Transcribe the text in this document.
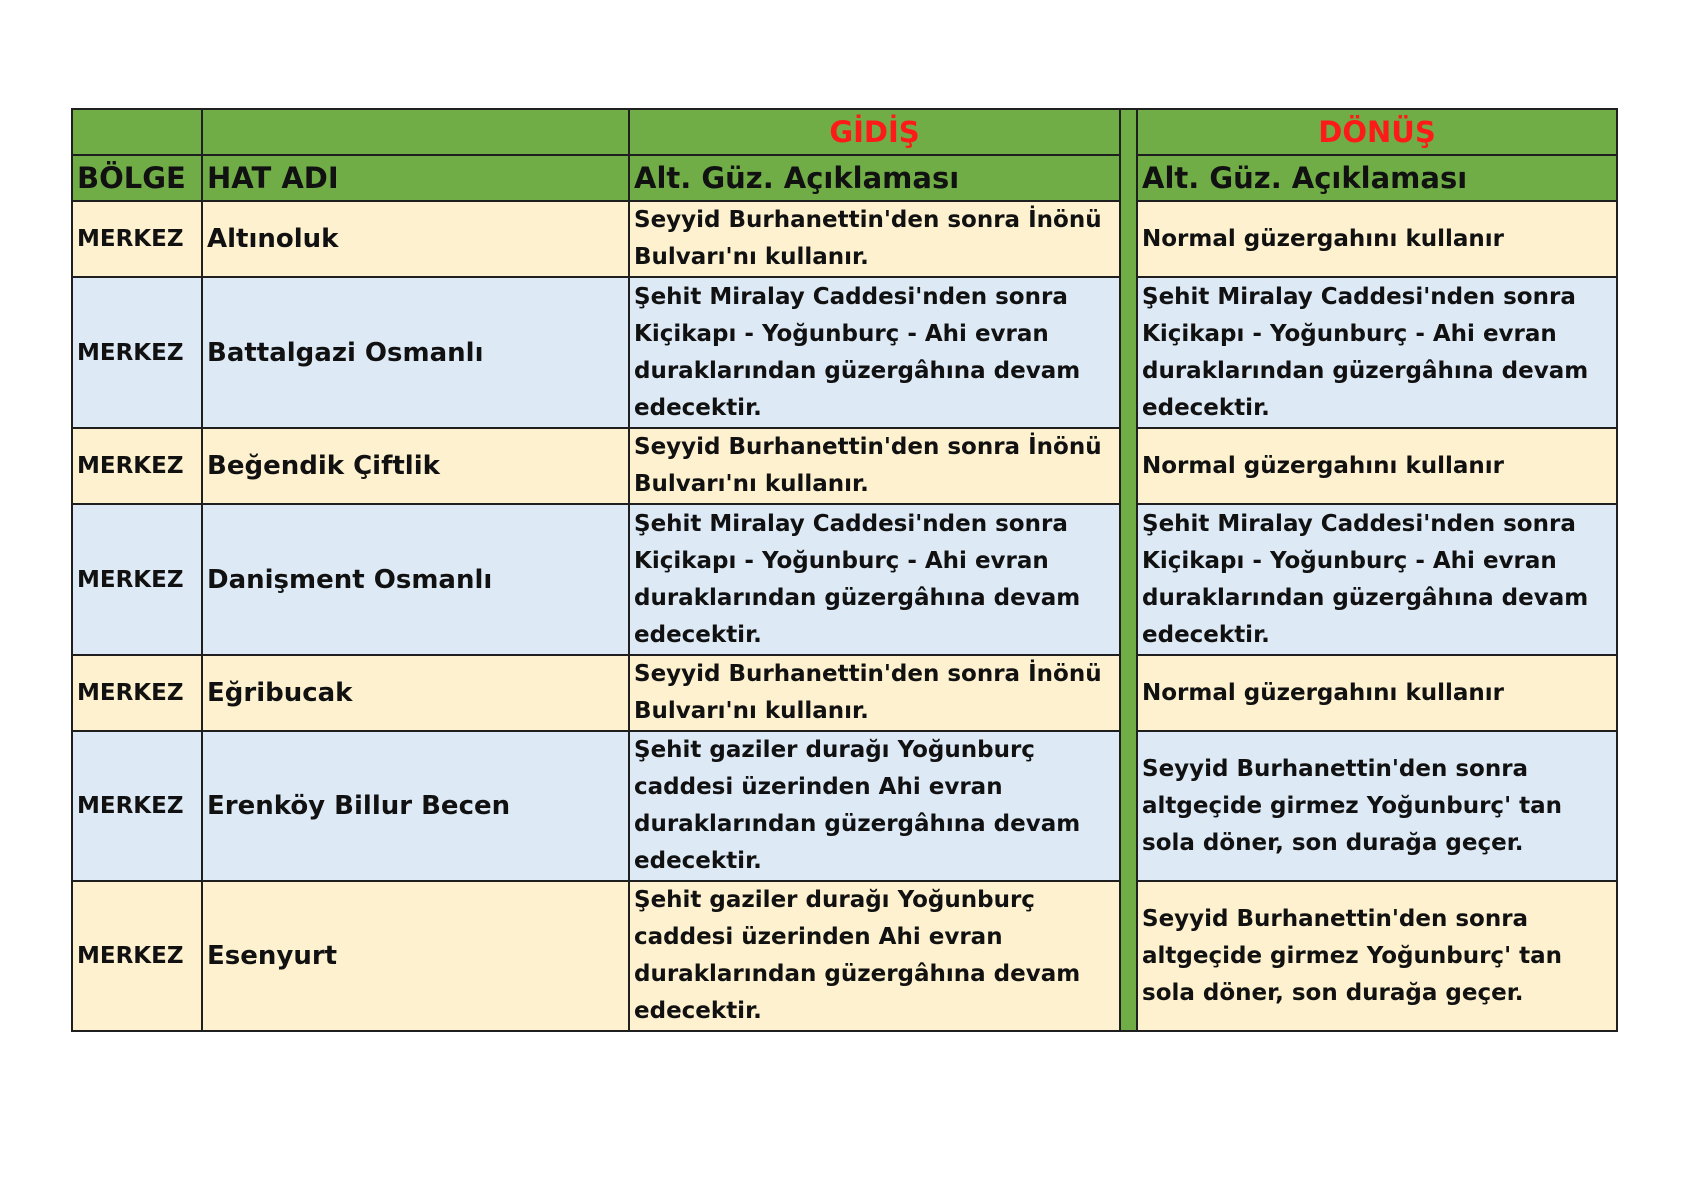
		GİDİŞ		DÖNÜŞ
BÖLGE	HAT ADI	Alt. Güz. Açıklaması		Alt. Güz. Açıklaması
MERKEZ	Altınoluk	Seyyid Burhanettin'den sonra İnönü Bulvarı'nı kullanır.		Normal güzergahını kullanır
MERKEZ	Battalgazi Osmanlı	Şehit Miralay Caddesi'nden sonra Kiçikapı - Yoğunburç - Ahi evran duraklarından güzergâhına devam edecektir.		Şehit Miralay Caddesi'nden sonra Kiçikapı - Yoğunburç - Ahi evran duraklarından güzergâhına devam edecektir.
MERKEZ	Beğendik Çiftlik	Seyyid Burhanettin'den sonra İnönü Bulvarı'nı kullanır.		Normal güzergahını kullanır
MERKEZ	Danişment Osmanlı	Şehit Miralay Caddesi'nden sonra Kiçikapı - Yoğunburç - Ahi evran duraklarından güzergâhına devam edecektir.		Şehit Miralay Caddesi'nden sonra Kiçikapı - Yoğunburç - Ahi evran duraklarından güzergâhına devam edecektir.
MERKEZ	Eğribucak	Seyyid Burhanettin'den sonra İnönü Bulvarı'nı kullanır.		Normal güzergahını kullanır
MERKEZ	Erenköy Billur Becen	Şehit gaziler durağı Yoğunburç caddesi üzerinden Ahi evran duraklarından güzergâhına devam edecektir.		Seyyid Burhanettin'den sonra altgeçide girmez Yoğunburç' tan sola döner, son durağa geçer.
MERKEZ	Esenyurt	Şehit gaziler durağı Yoğunburç caddesi üzerinden Ahi evran duraklarından güzergâhına devam edecektir.		Seyyid Burhanettin'den sonra altgeçide girmez Yoğunburç' tan sola döner, son durağa geçer.
